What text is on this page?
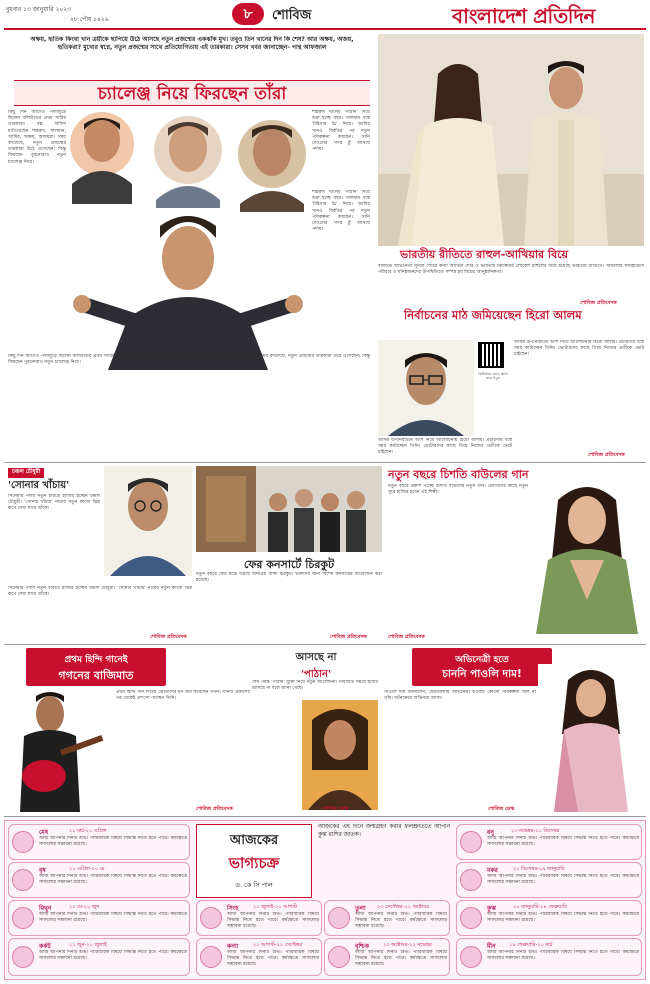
বুধবার ১৩ জানুয়ারি ২০২৩
২৮ পৌষ ১৪২৯	৮	শোবিজ	বাংলাদেশ প্রতিদিন
অক্ষয়, হৃতিক কিংবা খান ত্রয়ীকে ছাপিয়ে উঠে আসছে নতুন প্রজন্মের একঝাঁক মুখ। তবুও তিন খানের দিন কি শেষ? আর অক্ষয়, অজয়, হৃতিকরা? মুখোর স্বপ্নে, নতুন প্রজন্মের সাথে প্রতিযোগিতায় এই তারকারা। সেসব খবর জানাচ্ছেন- পান্থ আফজাল
চ্যালেঞ্জ নিয়ে ফিরছেন তাঁরা
কিছু দিন আগেও পর্দাজুড়ে ছিলেন বলিউডের প্রথম সারির তারকারা। বক্স অফিস মাতিয়েছেন শাহরুখ, সালমান, আমির, অক্ষয়, অজয়রা। সময় বদলেছে, নতুন প্রজন্মের তারকারা উঠে এসেছেন। কিন্তু ফিরছেন পুরনোরাও নতুন চ্যালেঞ্জ নিয়ে।
শাহরুখ খানের 'পাঠান' দিয়ে শুরু হচ্ছে বছর। সালমান ব্যস্ত 'টাইগার থ্রি' নিয়ে। আমির খানও বিরতির পর নতুন পরিকল্পনা করছেন। সানি দেওলের 'গদর টু' আসছে পর্দায়।
কিছু দিন আগেও পর্দাজুড়ে ছিলেন বলিউডের প্রথম সারির তারকারা। বক্স অফিস মাতিয়েছেন শাহরুখ, সালমান, আমির, অক্ষয়, অজয়রা। সময় বদলেছে, নতুন প্রজন্মের তারকারা উঠে এসেছেন। কিন্তু ফিরছেন পুরনোরাও নতুন চ্যালেঞ্জ নিয়ে।
শাহরুখ খানের 'পাঠান' দিয়ে শুরু হচ্ছে বছর। সালমান ব্যস্ত 'টাইগার থ্রি' নিয়ে। আমির খানও বিরতির পর নতুন পরিকল্পনা করছেন। সানি দেওলের 'গদর টু' আসছে পর্দায়।
ভারতীয় রীতিতে রাহুল-আথিয়ার বিয়ে
বলিউড অভিনেতা সুনীল শেঠির কন্যা আথিয়া শেঠি ও ভারতীয় ক্রিকেটার লোকেশ রাহুলের বিয়ে হয়েছে ভারতীয় রীতিতে। খান্ডালার ফার্মহাউসে পরিবার ও ঘনিষ্ঠজনদের উপস্থিতিতে সম্পন্ন হয় বিয়ের আনুষ্ঠানিকতা।
শোবিজ প্রতিবেদক
নির্বাচনের মাঠ জমিয়েছেন হিরো আলম
কিউআর কোড স্ক্যান করে পড়ুন
আসন্ন উপনির্বাচনে অংশ নিয়ে আলোচনায় হিরো আলম। প্রচারণায় ব্যস্ত সময় কাটাচ্ছেন তিনি। ভোটারদের কাছে গিয়ে নিজের প্রতীকে ভোট চাইছেন।
আসন্ন উপনির্বাচনে অংশ নিয়ে আলোচনায় হিরো আলম। প্রচারণায় ব্যস্ত সময় কাটাচ্ছেন তিনি। ভোটারদের কাছে গিয়ে নিজের প্রতীকে ভোট চাইছেন।	শোবিজ প্রতিবেদক
চঞ্চল চৌধুরী
'সোনার খাঁচায়'
সিনেমার পর্দায় নতুন চরিত্রে হাজির হচ্ছেন চঞ্চল চৌধুরী। 'সোনার খাঁচায়' নামের নতুন কাজে ভিন্ন রূপে দেখা যাবে তাঁকে।
সিনেমার পর্দায় নতুন চরিত্রে হাজির হচ্ছেন চঞ্চল চৌধুরী। 'সোনার খাঁচায়' নামের নতুন কাজে ভিন্ন রূপে দেখা যাবে তাঁকে।
শোবিজ প্রতিবেদক
ফের কনসার্টে চিরকুট
নতুন বছরে ফের মঞ্চে উঠছে জনপ্রিয় ব্যান্ড চিরকুট। ভক্তদের জন্য বিশেষ কনসার্টের আয়োজন করা হয়েছে।
শোবিজ প্রতিবেদক
নতুন বছরে চিশতি বাউলের গান
নতুন বছরে প্রকাশ পাচ্ছে চিশতি বাউলের নতুন গান। শ্রোতাদের কাছে নতুন সুরে হাজির হবেন এই শিল্পী।
শোবিজ প্রতিবেদক
প্রথম হিন্দি গানেই
গগনের বাজিমাত
প্রথম হিন্দি গান দিয়েই শ্রোতাদের মন জয় করেছেন গগন। গানটি প্রকাশের পর থেকেই প্রশংসা পাচ্ছেন তিনি।
শোবিজ প্রতিবেদক
আসছে না
'পাঠান'
শেষ পর্যন্ত 'পাঠান' মুক্তি নিয়ে নতুন আলোচনা। নির্ধারিত সময়ে ছবিটি আসছে না বলে জানা গেছে।
শোবিজ ডেস্ক
অভিনেত্রী হতে
চাননি পাওলি দাম!
পাওলি দাম জানালেন, ছোটবেলায় অভিনেত্রী হওয়ার কোনো পরিকল্পনা ছিল না তাঁর। ঘটনাক্রমে অভিনয়ে আসা।
শোবিজ ডেস্ক
মেষ	২১ মার্চ-২০ এপ্রিল
আজ আপনার দিনটি শুভ। পারিবারিক বিষয়ে সিদ্ধান্ত নিতে হতে পারে। কর্মক্ষেত্রে সাফল্যের সম্ভাবনা রয়েছে।
বৃষ	২১ এপ্রিল-২০ মে
আজ আপনার দিনটি শুভ। পারিবারিক বিষয়ে সিদ্ধান্ত নিতে হতে পারে। কর্মক্ষেত্রে সাফল্যের সম্ভাবনা রয়েছে।
মিথুন	২১ মে-২০ জুন
আজ আপনার দিনটি শুভ। পারিবারিক বিষয়ে সিদ্ধান্ত নিতে হতে পারে। কর্মক্ষেত্রে সাফল্যের সম্ভাবনা রয়েছে।
কর্কট	২১ জুন-২০ জুলাই
আজ আপনার দিনটি শুভ। পারিবারিক বিষয়ে সিদ্ধান্ত নিতে হতে পারে। কর্মক্ষেত্রে সাফল্যের সম্ভাবনা রয়েছে।
আজকের
ভাগ্যচক্র
ড. কে সি পাল
আজকের এই দিনে জন্মগ্রহণ করার ফলশ্রুতিতে আপনি কুম্ভ রাশির জাতক।
সিংহ	২১ জুলাই-২০ আগস্ট
আজ আপনার দিনটি শুভ। পারিবারিক বিষয়ে সিদ্ধান্ত নিতে হতে পারে। কর্মক্ষেত্রে সাফল্যের সম্ভাবনা রয়েছে।
কন্যা	২১ আগস্ট-২২ সেপ্টেম্বর
আজ আপনার দিনটি শুভ। পারিবারিক বিষয়ে সিদ্ধান্ত নিতে হতে পারে। কর্মক্ষেত্রে সাফল্যের সম্ভাবনা রয়েছে।
তুলা ২৩ সেপ্টেম্বর-২২ অক্টোবর
আজ আপনার দিনটি শুভ। পারিবারিক বিষয়ে সিদ্ধান্ত নিতে হতে পারে। কর্মক্ষেত্রে সাফল্যের সম্ভাবনা রয়েছে।
বৃশ্চিক	২৩ অক্টোবর-২২ নভেম্বর
আজ আপনার দিনটি শুভ। পারিবারিক বিষয়ে সিদ্ধান্ত নিতে হতে পারে। কর্মক্ষেত্রে সাফল্যের সম্ভাবনা রয়েছে।
ধনু	২৩ নভেম্বর-২০ ডিসেম্বর
আজ আপনার দিনটি শুভ। পারিবারিক বিষয়ে সিদ্ধান্ত নিতে হতে পারে। কর্মক্ষেত্রে সাফল্যের সম্ভাবনা রয়েছে।
মকর	২১ ডিসেম্বর-১৯ জানুয়ারি
আজ আপনার দিনটি শুভ। পারিবারিক বিষয়ে সিদ্ধান্ত নিতে হতে পারে। কর্মক্ষেত্রে সাফল্যের সম্ভাবনা রয়েছে।
কুম্ভ	২০ জানুয়ারি-১৮ ফেব্রুয়ারি
আজ আপনার দিনটি শুভ। পারিবারিক বিষয়ে সিদ্ধান্ত নিতে হতে পারে। কর্মক্ষেত্রে সাফল্যের সম্ভাবনা রয়েছে।
মীন	১৯ ফেব্রুয়ারি-২০ মার্চ
আজ আপনার দিনটি শুভ। পারিবারিক বিষয়ে সিদ্ধান্ত নিতে হতে পারে। কর্মক্ষেত্রে সাফল্যের সম্ভাবনা রয়েছে।
